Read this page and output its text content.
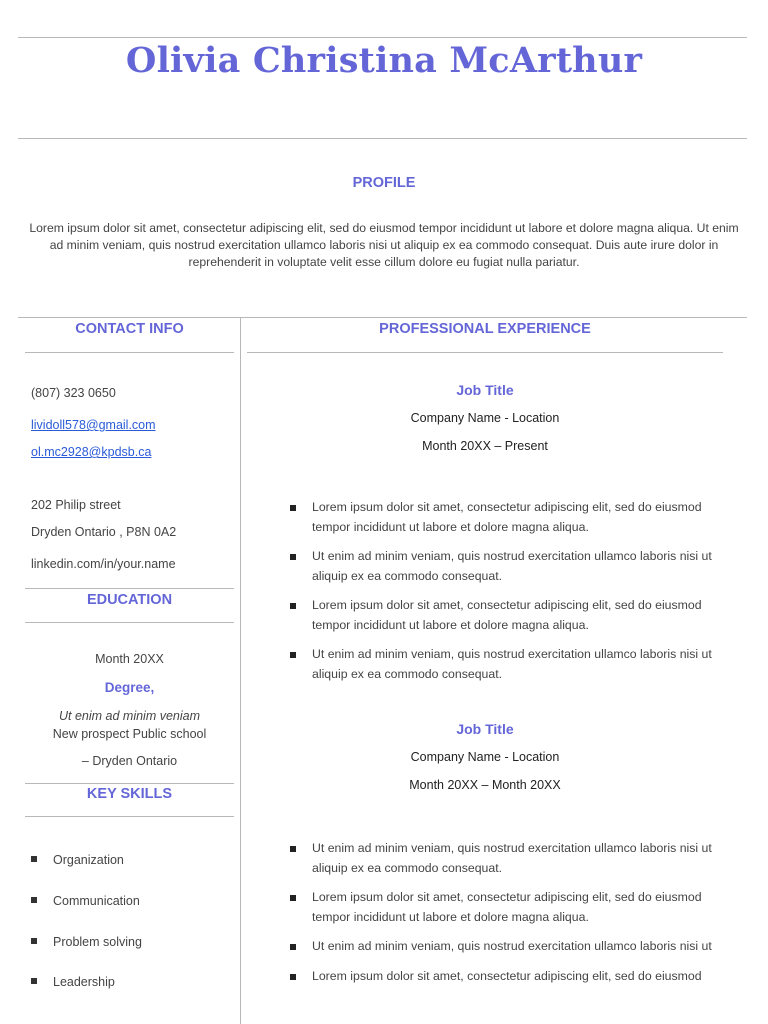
Olivia Christina McArthur
PROFILE
Lorem ipsum dolor sit amet, consectetur adipiscing elit, sed do eiusmod tempor incididunt ut labore et dolore magna aliqua. Ut enim ad minim veniam, quis nostrud exercitation ullamco laboris nisi ut aliquip ex ea commodo consequat. Duis aute irure dolor in reprehenderit in voluptate velit esse cillum dolore eu fugiat nulla pariatur.
CONTACT INFO
(807) 323 0650
lividoll578@gmail.com
ol.mc2928@kpdsb.ca
202 Philip street
Dryden Ontario , P8N 0A2
linkedin.com/in/your.name
EDUCATION
Month 20XX
Degree,
Ut enim ad minim veniam
New prospect Public school
– Dryden Ontario
KEY SKILLS
Organization
Communication
Problem solving
Leadership
PROFESSIONAL EXPERIENCE
Job Title
Company Name - Location
Month 20XX – Present
Lorem ipsum dolor sit amet, consectetur adipiscing elit, sed do eiusmod tempor incididunt ut labore et dolore magna aliqua.
Ut enim ad minim veniam, quis nostrud exercitation ullamco laboris nisi ut aliquip ex ea commodo consequat.
Lorem ipsum dolor sit amet, consectetur adipiscing elit, sed do eiusmod tempor incididunt ut labore et dolore magna aliqua.
Ut enim ad minim veniam, quis nostrud exercitation ullamco laboris nisi ut aliquip ex ea commodo consequat.
Job Title
Company Name - Location
Month 20XX – Month 20XX
Ut enim ad minim veniam, quis nostrud exercitation ullamco laboris nisi ut aliquip ex ea commodo consequat.
Lorem ipsum dolor sit amet, consectetur adipiscing elit, sed do eiusmod tempor incididunt ut labore et dolore magna aliqua.
Ut enim ad minim veniam, quis nostrud exercitation ullamco laboris nisi ut
Lorem ipsum dolor sit amet, consectetur adipiscing elit, sed do eiusmod
